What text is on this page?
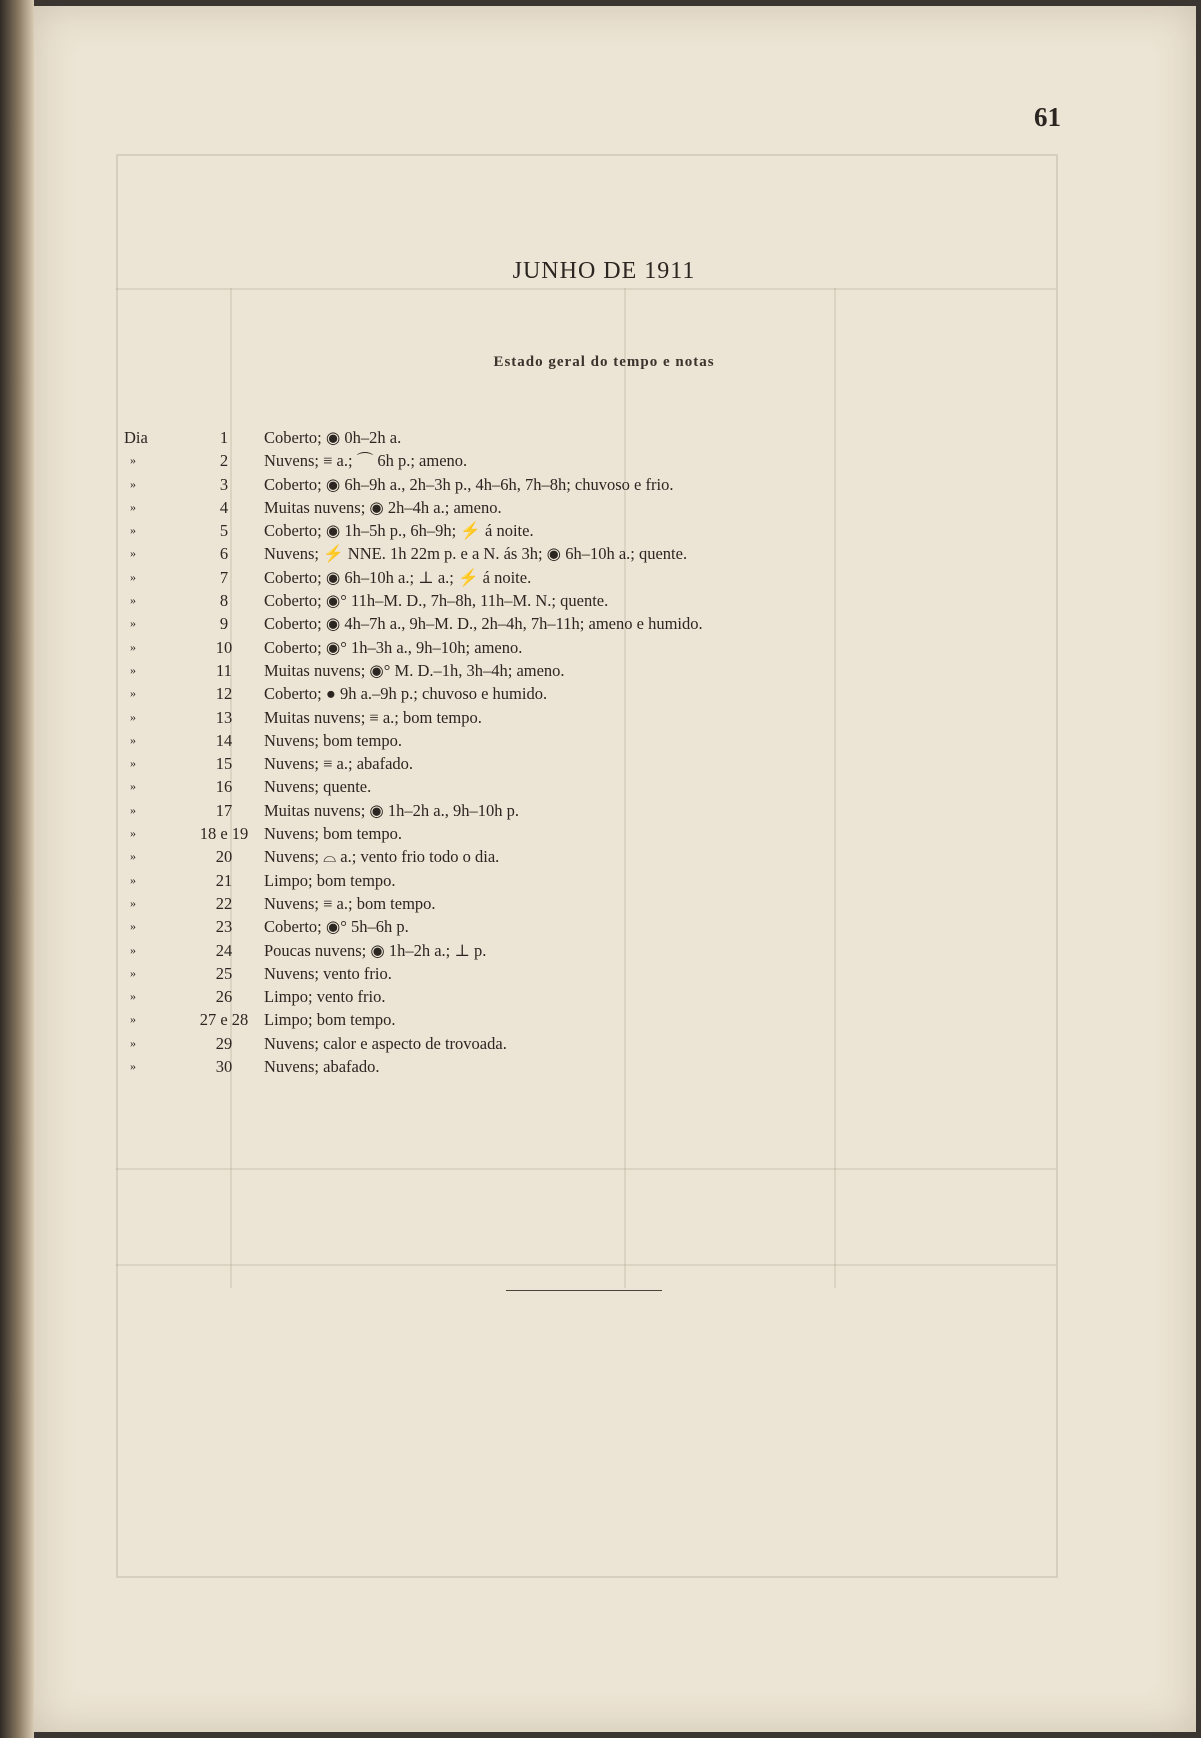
61
JUNHO DE 1911
Estado geral do tempo e notas
Dia	1	Coberto; ◉ 0h–2h a.
»	2	Nuvens; ≡ a.; ⌒ 6h p.; ameno.
»	3	Coberto; ◉ 6h–9h a., 2h–3h p., 4h–6h, 7h–8h; chuvoso e frio.
»	4	Muitas nuvens; ◉ 2h–4h a.; ameno.
»	5	Coberto; ◉ 1h–5h p., 6h–9h; ⚡ á noite.
»	6	Nuvens; ⚡ NNE. 1h 22m p. e a N. ás 3h; ◉ 6h–10h a.; quente.
»	7	Coberto; ◉ 6h–10h a.; ⊥ a.; ⚡ á noite.
»	8	Coberto; ◉° 11h–M. D., 7h–8h, 11h–M. N.; quente.
»	9	Coberto; ◉ 4h–7h a., 9h–M. D., 2h–4h, 7h–11h; ameno e humido.
»	10	Coberto; ◉° 1h–3h a., 9h–10h; ameno.
»	11	Muitas nuvens; ◉° M. D.–1h, 3h–4h; ameno.
»	12	Coberto; ● 9h a.–9h p.; chuvoso e humido.
»	13	Muitas nuvens; ≡ a.; bom tempo.
»	14	Nuvens; bom tempo.
»	15	Nuvens; ≡ a.; abafado.
»	16	Nuvens; quente.
»	17	Muitas nuvens; ◉ 1h–2h a., 9h–10h p.
»	18 e 19 Nuvens; bom tempo.
»	20	Nuvens; ⌓ a.; vento frio todo o dia.
»	21	Limpo; bom tempo.
»	22	Nuvens; ≡ a.; bom tempo.
»	23	Coberto; ◉° 5h–6h p.
»	24	Poucas nuvens; ◉ 1h–2h a.; ⊥ p.
»	25	Nuvens; vento frio.
»	26	Limpo; vento frio.
»	27 e 28 Limpo; bom tempo.
»	29	Nuvens; calor e aspecto de trovoada.
»	30	Nuvens; abafado.
